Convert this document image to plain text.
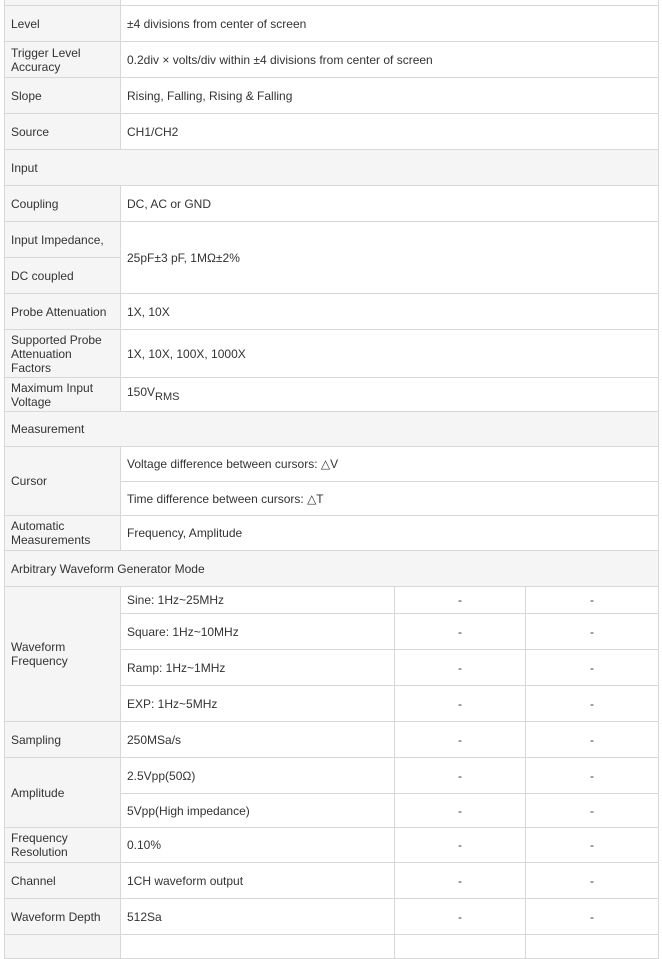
Level	±4 divisions from center of screen		
Trigger Level Accuracy	0.2div × volts/div within ±4 divisions from center of screen		
Slope	Rising, Falling, Rising & Falling		
Source	CH1/CH2		
Input			
Coupling	DC, AC or GND		
Input Impedance,	25pF±3 pF, 1MΩ±2%		
DC coupled			
Probe Attenuation	1X, 10X		
Supported Probe Attenuation Factors	1X, 10X, 100X, 1000X		
Maximum Input Voltage	$150V_{RMS}$
Measurement			
Cursor	Voltage difference between cursors: △V		
	Time difference between cursors: △T		
Automatic Measurements	Frequency, Amplitude		
Arbitrary Waveform Generator Mode			
Waveform Frequency	Sine: 1Hz~25MHz	-	-
	Square: 1Hz~10MHz	-	-
	Ramp: 1Hz~1MHz	-	-
	EXP: 1Hz~5MHz	-	-
Sampling	250MSa/s	-	-
Amplitude	2.5Vpp(50Ω)	-	-
	5Vpp(High impedance)	-	-
Frequency Resolution	0.10%	-	-
Channel	1CH waveform output	-	-
Waveform Depth	512Sa	-	-
